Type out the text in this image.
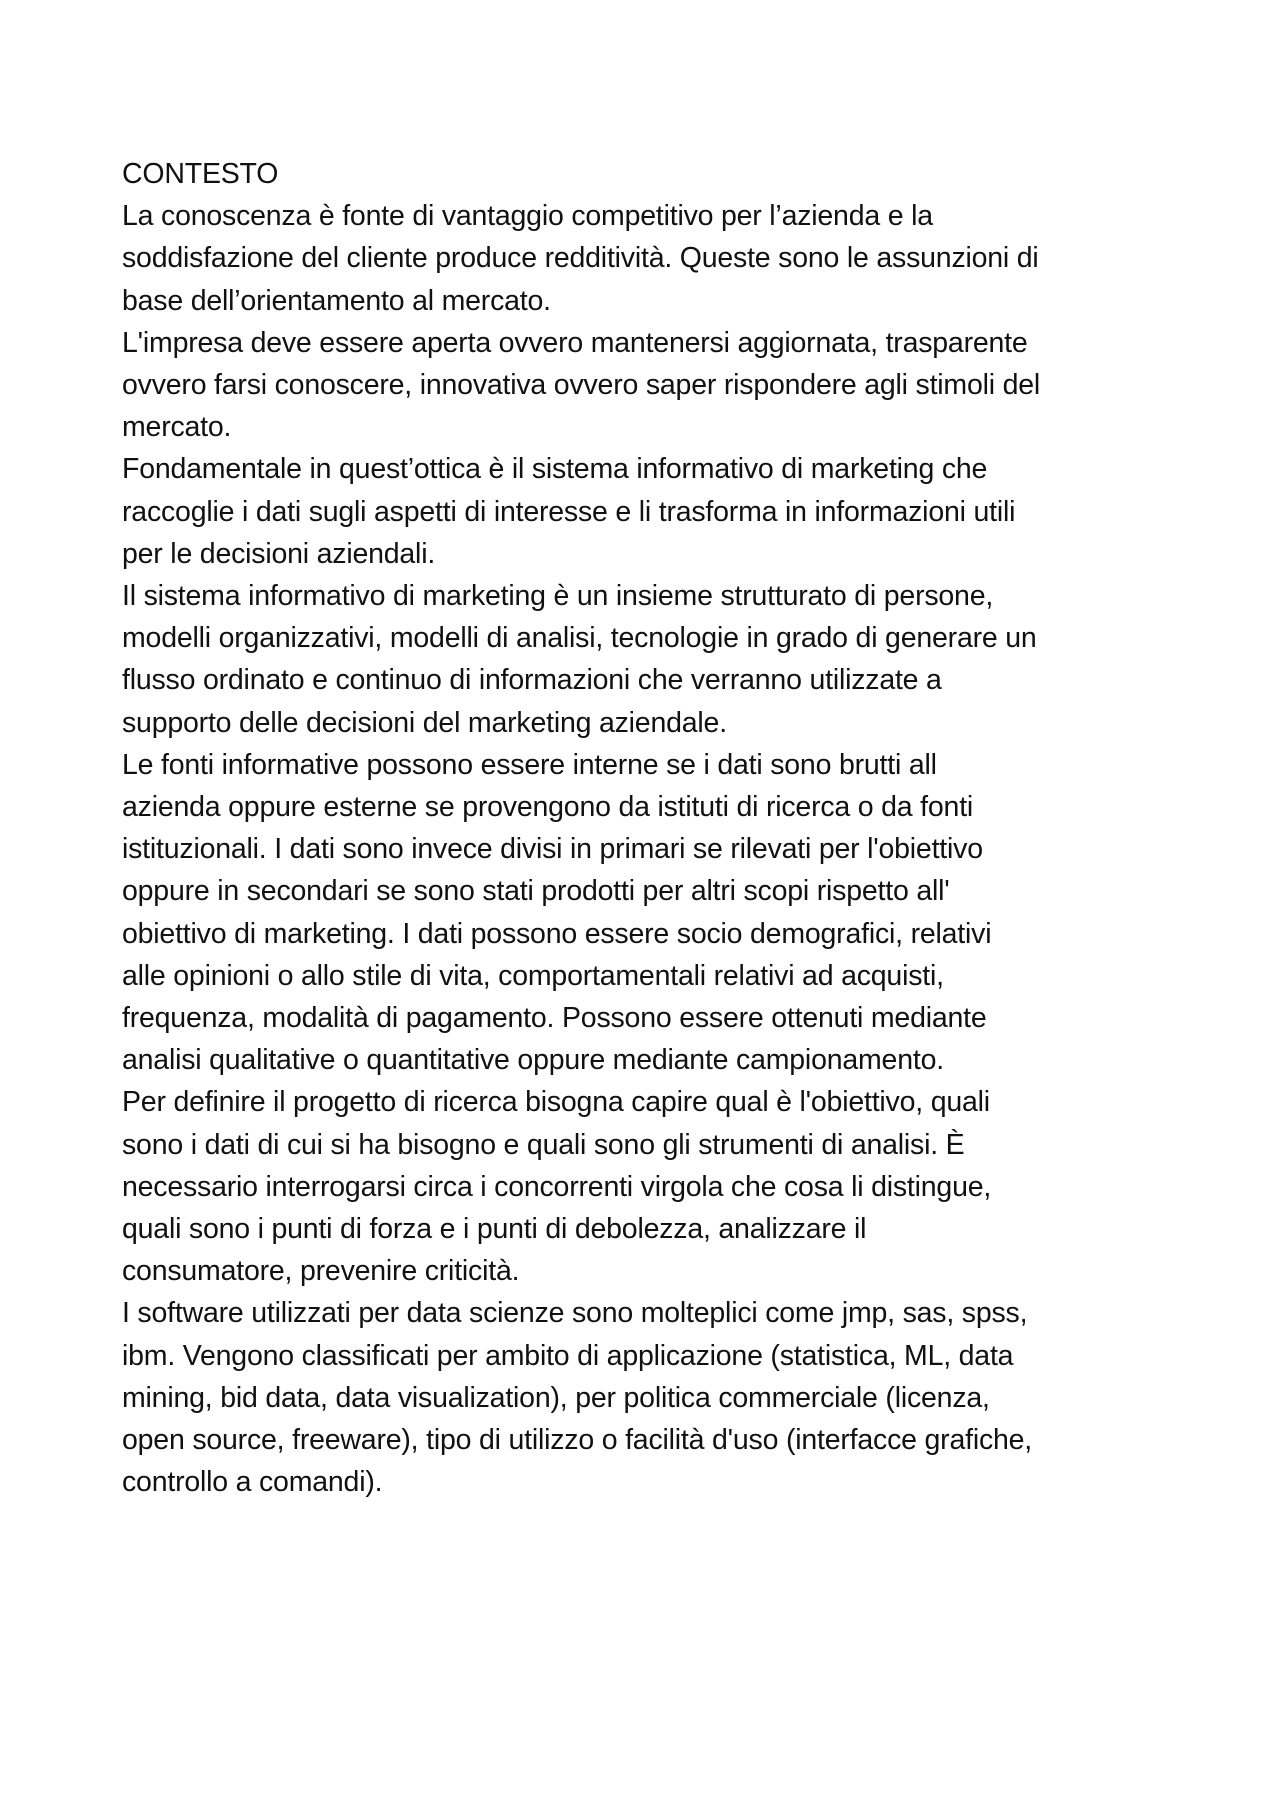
CONTESTO

La conoscenza è fonte di vantaggio competitivo per l’azienda e la
soddisfazione del cliente produce redditività. Queste sono le assunzioni di
base dell’orientamento al mercato.

L'impresa deve essere aperta ovvero mantenersi aggiornata, trasparente
ovvero farsi conoscere, innovativa ovvero saper rispondere agli stimoli del
mercato.

Fondamentale in quest’ottica è il sistema informativo di marketing che
raccoglie i dati sugli aspetti di interesse e li trasforma in informazioni utili
per le decisioni aziendali.

Il sistema informativo di marketing è un insieme strutturato di persone,
modelli organizzativi, modelli di analisi, tecnologie in grado di generare un
flusso ordinato e continuo di informazioni che verranno utilizzate a
supporto delle decisioni del marketing aziendale.

Le fonti informative possono essere interne se i dati sono brutti all
azienda oppure esterne se provengono da istituti di ricerca o da fonti
istituzionali. I dati sono invece divisi in primari se rilevati per l'obiettivo
oppure in secondari se sono stati prodotti per altri scopi rispetto all'
obiettivo di marketing. I dati possono essere socio demografici, relativi
alle opinioni o allo stile di vita, comportamentali relativi ad acquisti,
frequenza, modalità di pagamento. Possono essere ottenuti mediante
analisi qualitative o quantitative oppure mediante campionamento.

Per definire il progetto di ricerca bisogna capire qual è l'obiettivo, quali
sono i dati di cui si ha bisogno e quali sono gli strumenti di analisi. È
necessario interrogarsi circa i concorrenti virgola che cosa li distingue,
quali sono i punti di forza e i punti di debolezza, analizzare il
consumatore, prevenire criticità.

I software utilizzati per data scienze sono molteplici come jmp, sas, spss,
ibm. Vengono classificati per ambito di applicazione (statistica, ML, data
mining, bid data, data visualization), per politica commerciale (licenza,
open source, freeware), tipo di utilizzo o facilità d'uso (interfacce grafiche,
controllo a comandi).
